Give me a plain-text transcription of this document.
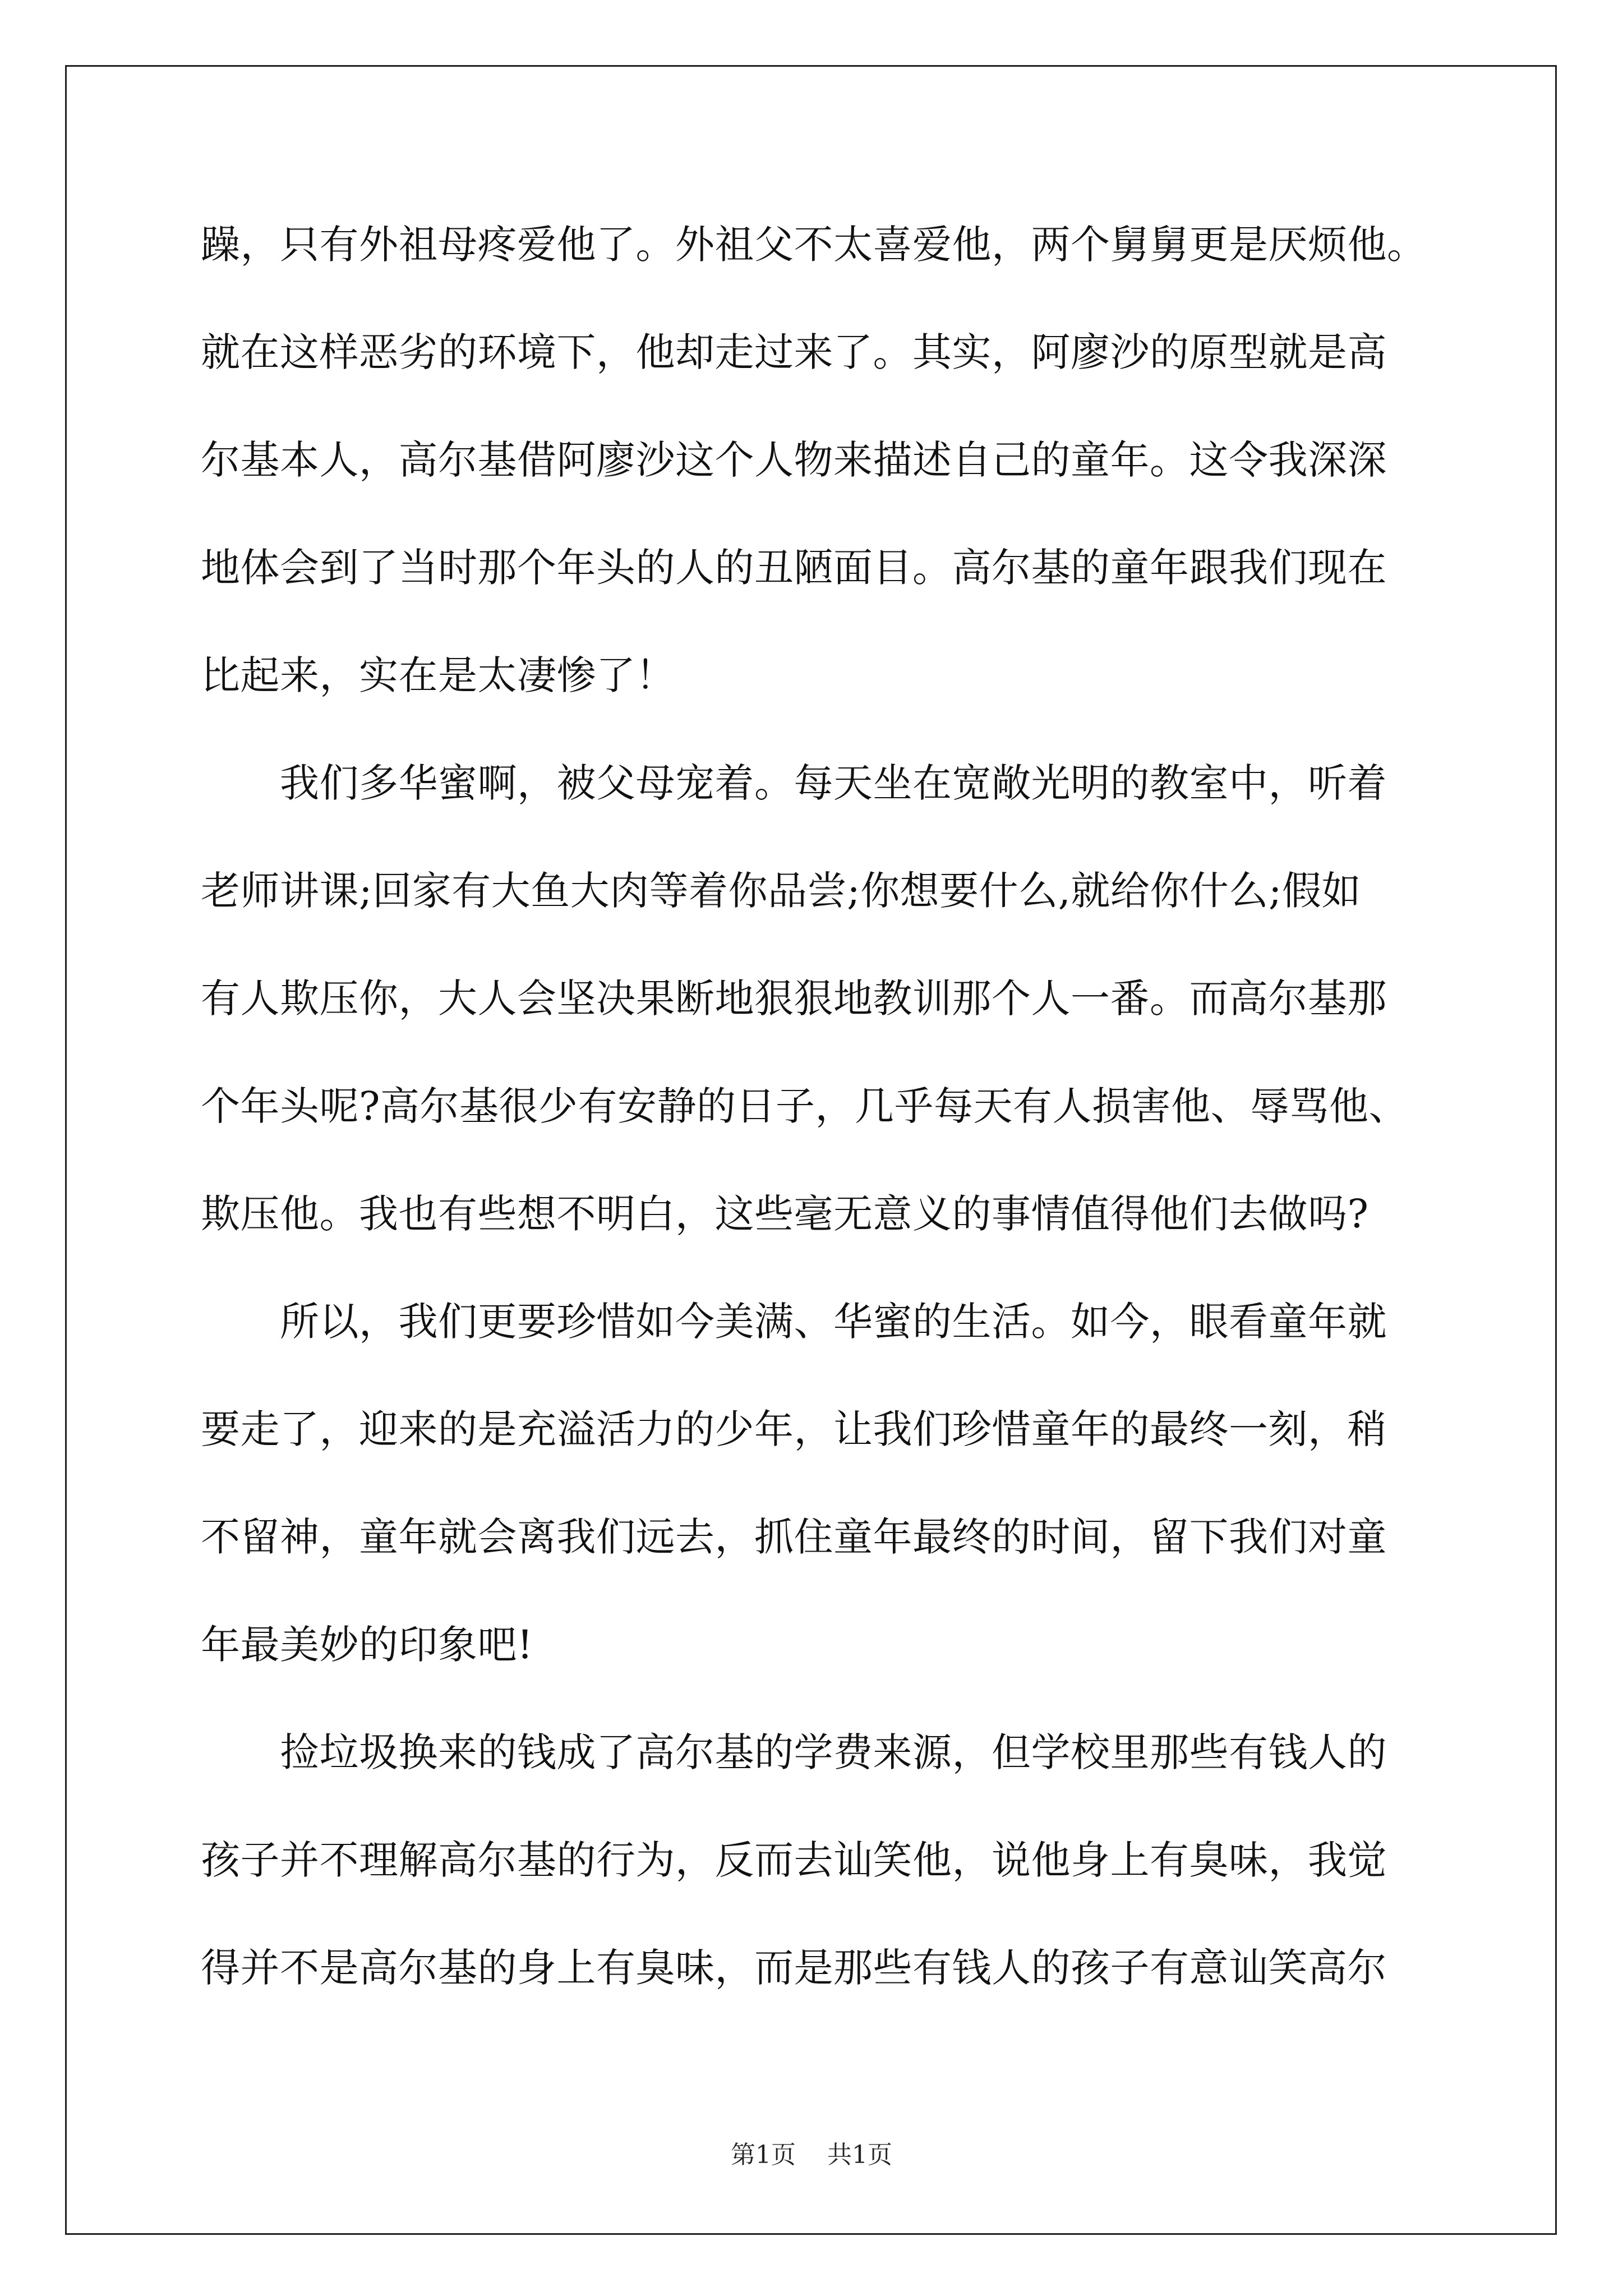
躁，只有外祖母疼爱他了。外祖父不太喜爱他，两个舅舅更是厌烦他。
就在这样恶劣的环境下，他却走过来了。其实，阿廖沙的原型就是高
尔基本人，高尔基借阿廖沙这个人物来描述自己的童年。这令我深深
地体会到了当时那个年头的人的丑陋面目。高尔基的童年跟我们现在
比起来，实在是太凄惨了！
　　我们多华蜜啊，被父母宠着。每天坐在宽敞光明的教室中，听着
老师讲课;回家有大鱼大肉等着你品尝;你想要什么,就给你什么;假如
有人欺压你，大人会坚决果断地狠狠地教训那个人一番。而高尔基那
个年头呢?高尔基很少有安静的日子，几乎每天有人损害他、辱骂他、
欺压他。我也有些想不明白，这些毫无意义的事情值得他们去做吗?
　　所以，我们更要珍惜如今美满、华蜜的生活。如今，眼看童年就
要走了，迎来的是充溢活力的少年，让我们珍惜童年的最终一刻，稍
不留神，童年就会离我们远去，抓住童年最终的时间，留下我们对童
年最美妙的印象吧!
　　捡垃圾换来的钱成了高尔基的学费来源，但学校里那些有钱人的
孩子并不理解高尔基的行为，反而去讪笑他，说他身上有臭味，我觉
得并不是高尔基的身上有臭味，而是那些有钱人的孩子有意讪笑高尔
第1页 共1页
